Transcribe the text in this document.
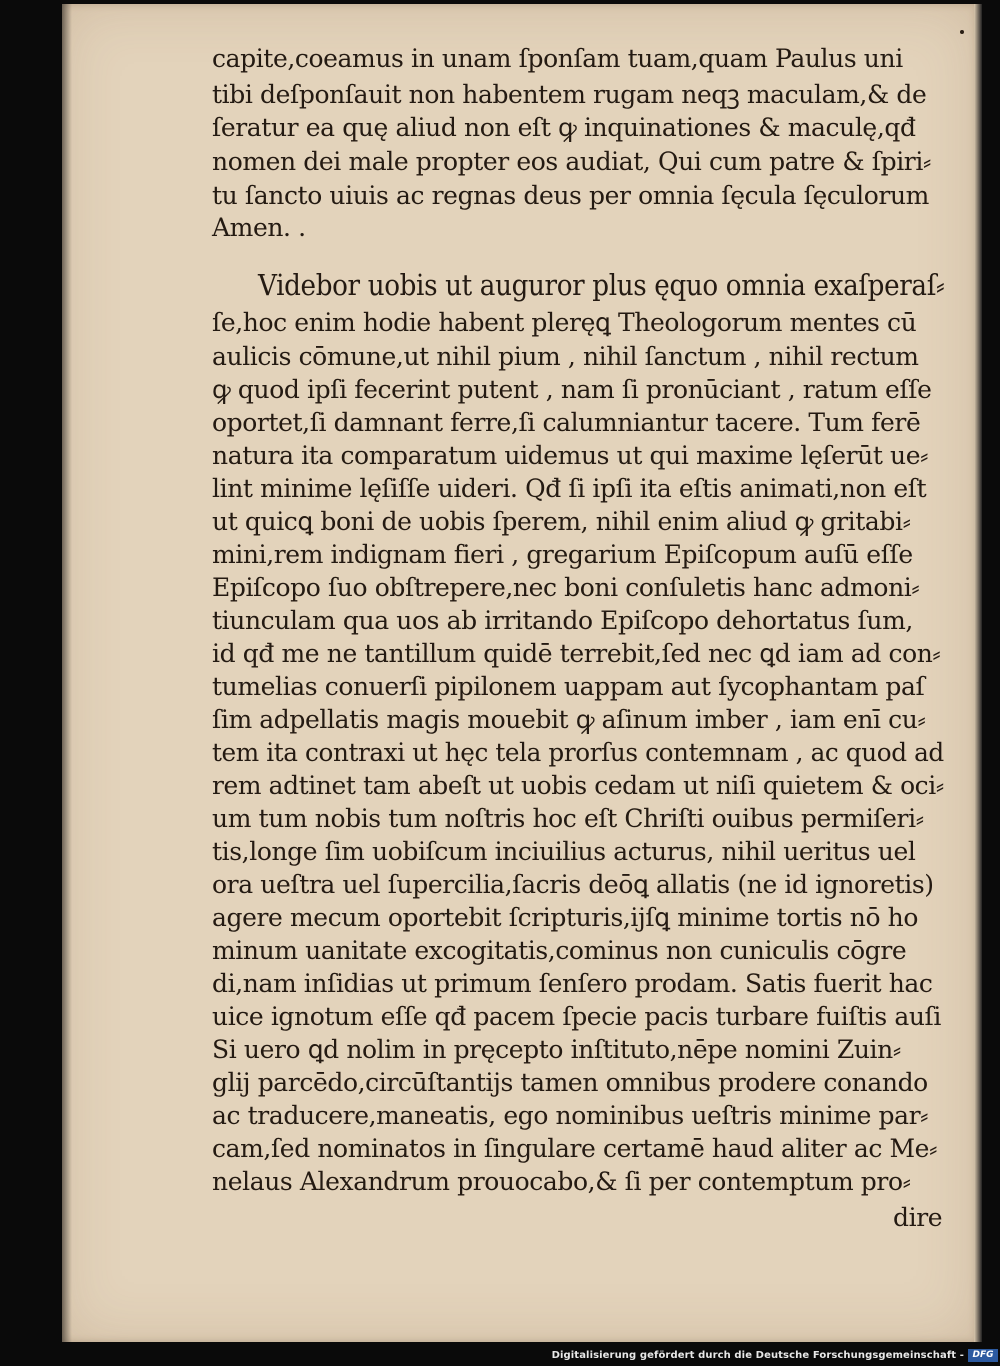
capite,coeamus in unam ſponſam tuam,quam Paulus uni
tibi deſponſauit non habentem rugam neqꝫ maculam,& de
ſeratur ea quę aliud non eſt ꝙ inquinationes & maculę,qđ
nomen dei male propter eos audiat, Qui cum patre & ſpiri⸗
tu ſancto uiuis ac regnas deus per omnia ſęcula ſęculorum
Amen. .
Videbor uobis ut auguror plus ęquo omnia exaſperaſ⸗
ſe,hoc enim hodie habent pleręꝗ Theologorum mentes cū
aulicis cōmune,ut nihil pium , nihil ſanctum , nihil rectum
ꝙ quod ipſi fecerint putent , nam ſi pronūciant , ratum eſſe
oportet,ſi damnant ferre,ſi calumniantur tacere. Tum ferē
natura ita comparatum uidemus ut qui maxime lęſerūt ue⸗
lint minime lęſiſſe uideri. Qđ ſi ipſi ita eſtis animati,non eſt
ut quicꝗ boni de uobis ſperem, nihil enim aliud ꝙ gritabi⸗
mini,rem indignam fieri , gregarium Epiſcopum auſū eſſe
Epiſcopo ſuo obſtrepere,nec boni conſuletis hanc admoni⸗
tiunculam qua uos ab irritando Epiſcopo dehortatus ſum,
id qđ me ne tantillum quidē terrebit,ſed nec ꝗd iam ad con⸗
tumelias conuerſi pipilonem uappam aut ſycophantam paſ
ſim adpellatis magis mouebit ꝙ aſinum imber , iam enī cu⸗
tem ita contraxi ut hęc tela prorſus contemnam , ac quod ad
rem adtinet tam abeſt ut uobis cedam ut niſi quietem & oci⸗
um tum nobis tum noſtris hoc eſt Chriſti ouibus permiſeri⸗
tis,longe ſim uobiſcum inciuilius acturus, nihil ueritus uel
ora ueſtra uel ſupercilia,ſacris deōꝗ allatis (ne id ignoretis)
agere mecum oportebit ſcripturis,ijſꝗ minime tortis nō ho
minum uanitate excogitatis,cominus non cuniculis cōgre
di,nam inſidias ut primum ſenſero prodam. Satis fuerit hac
uice ignotum eſſe qđ pacem ſpecie pacis turbare fuiſtis auſi
Si uero ꝗd nolim in pręcepto inſtituto,nēpe nomini Zuin⸗
glij parcēdo,circūſtantijs tamen omnibus prodere conando
ac traducere,maneatis, ego nominibus ueſtris minime par⸗
cam,ſed nominatos in ſingulare certamē haud aliter ac Me⸗
nelaus Alexandrum prouocabo,& ſi per contemptum pro⸗
dire
Digitalisierung gefördert durch die Deutsche Forschungsgemeinschaft - DFG
